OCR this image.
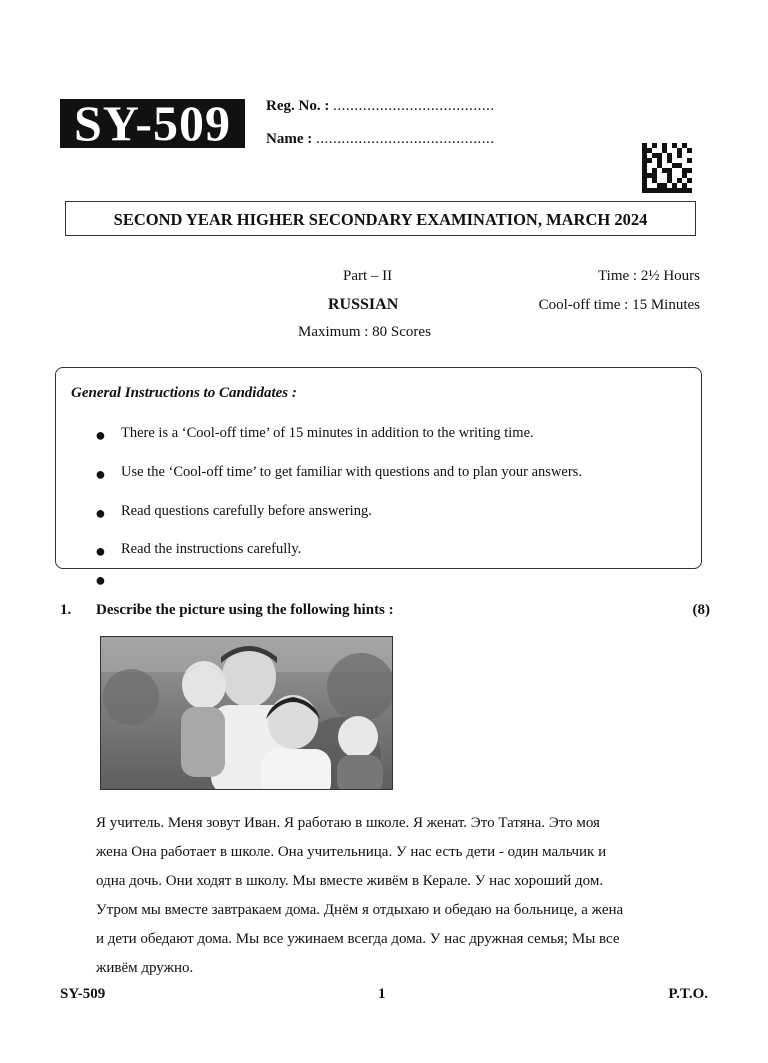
SY-509	Reg. No. : ......................................
Name : ..........................................
SECOND YEAR HIGHER SECONDARY EXAMINATION, MARCH 2024
Part – II	Time : 2½ Hours
RUSSIAN	Cool-off time : 15 Minutes
Maximum : 80 Scores
General Instructions to Candidates :
● There is a ‘Cool-off time’ of 15 minutes in addition to the writing time.
● Use the ‘Cool-off time’ to get familiar with questions and to plan your answers.
● Read questions carefully before answering.
● Read the instructions carefully.
●
1. Describe the picture using the following hints :	(8)
Я учитель. Меня зовут Иван. Я работаю в школе. Я женат. Это Татяна. Это моя
жена Она работает в школе. Она учительница. У нас есть дети - один мальчик и
одна дочь. Они ходят в школу. Мы вместе живём в Керале. У нас хороший дом.
Утром мы вместе завтракаем дома. Днём я отдыхаю и обедаю на больнице, а жена
и дети обедают дома. Мы все ужинаем всегда дома. У нас дружная семья; Мы все
живём дружно.
SY-509	1	P.T.O.
